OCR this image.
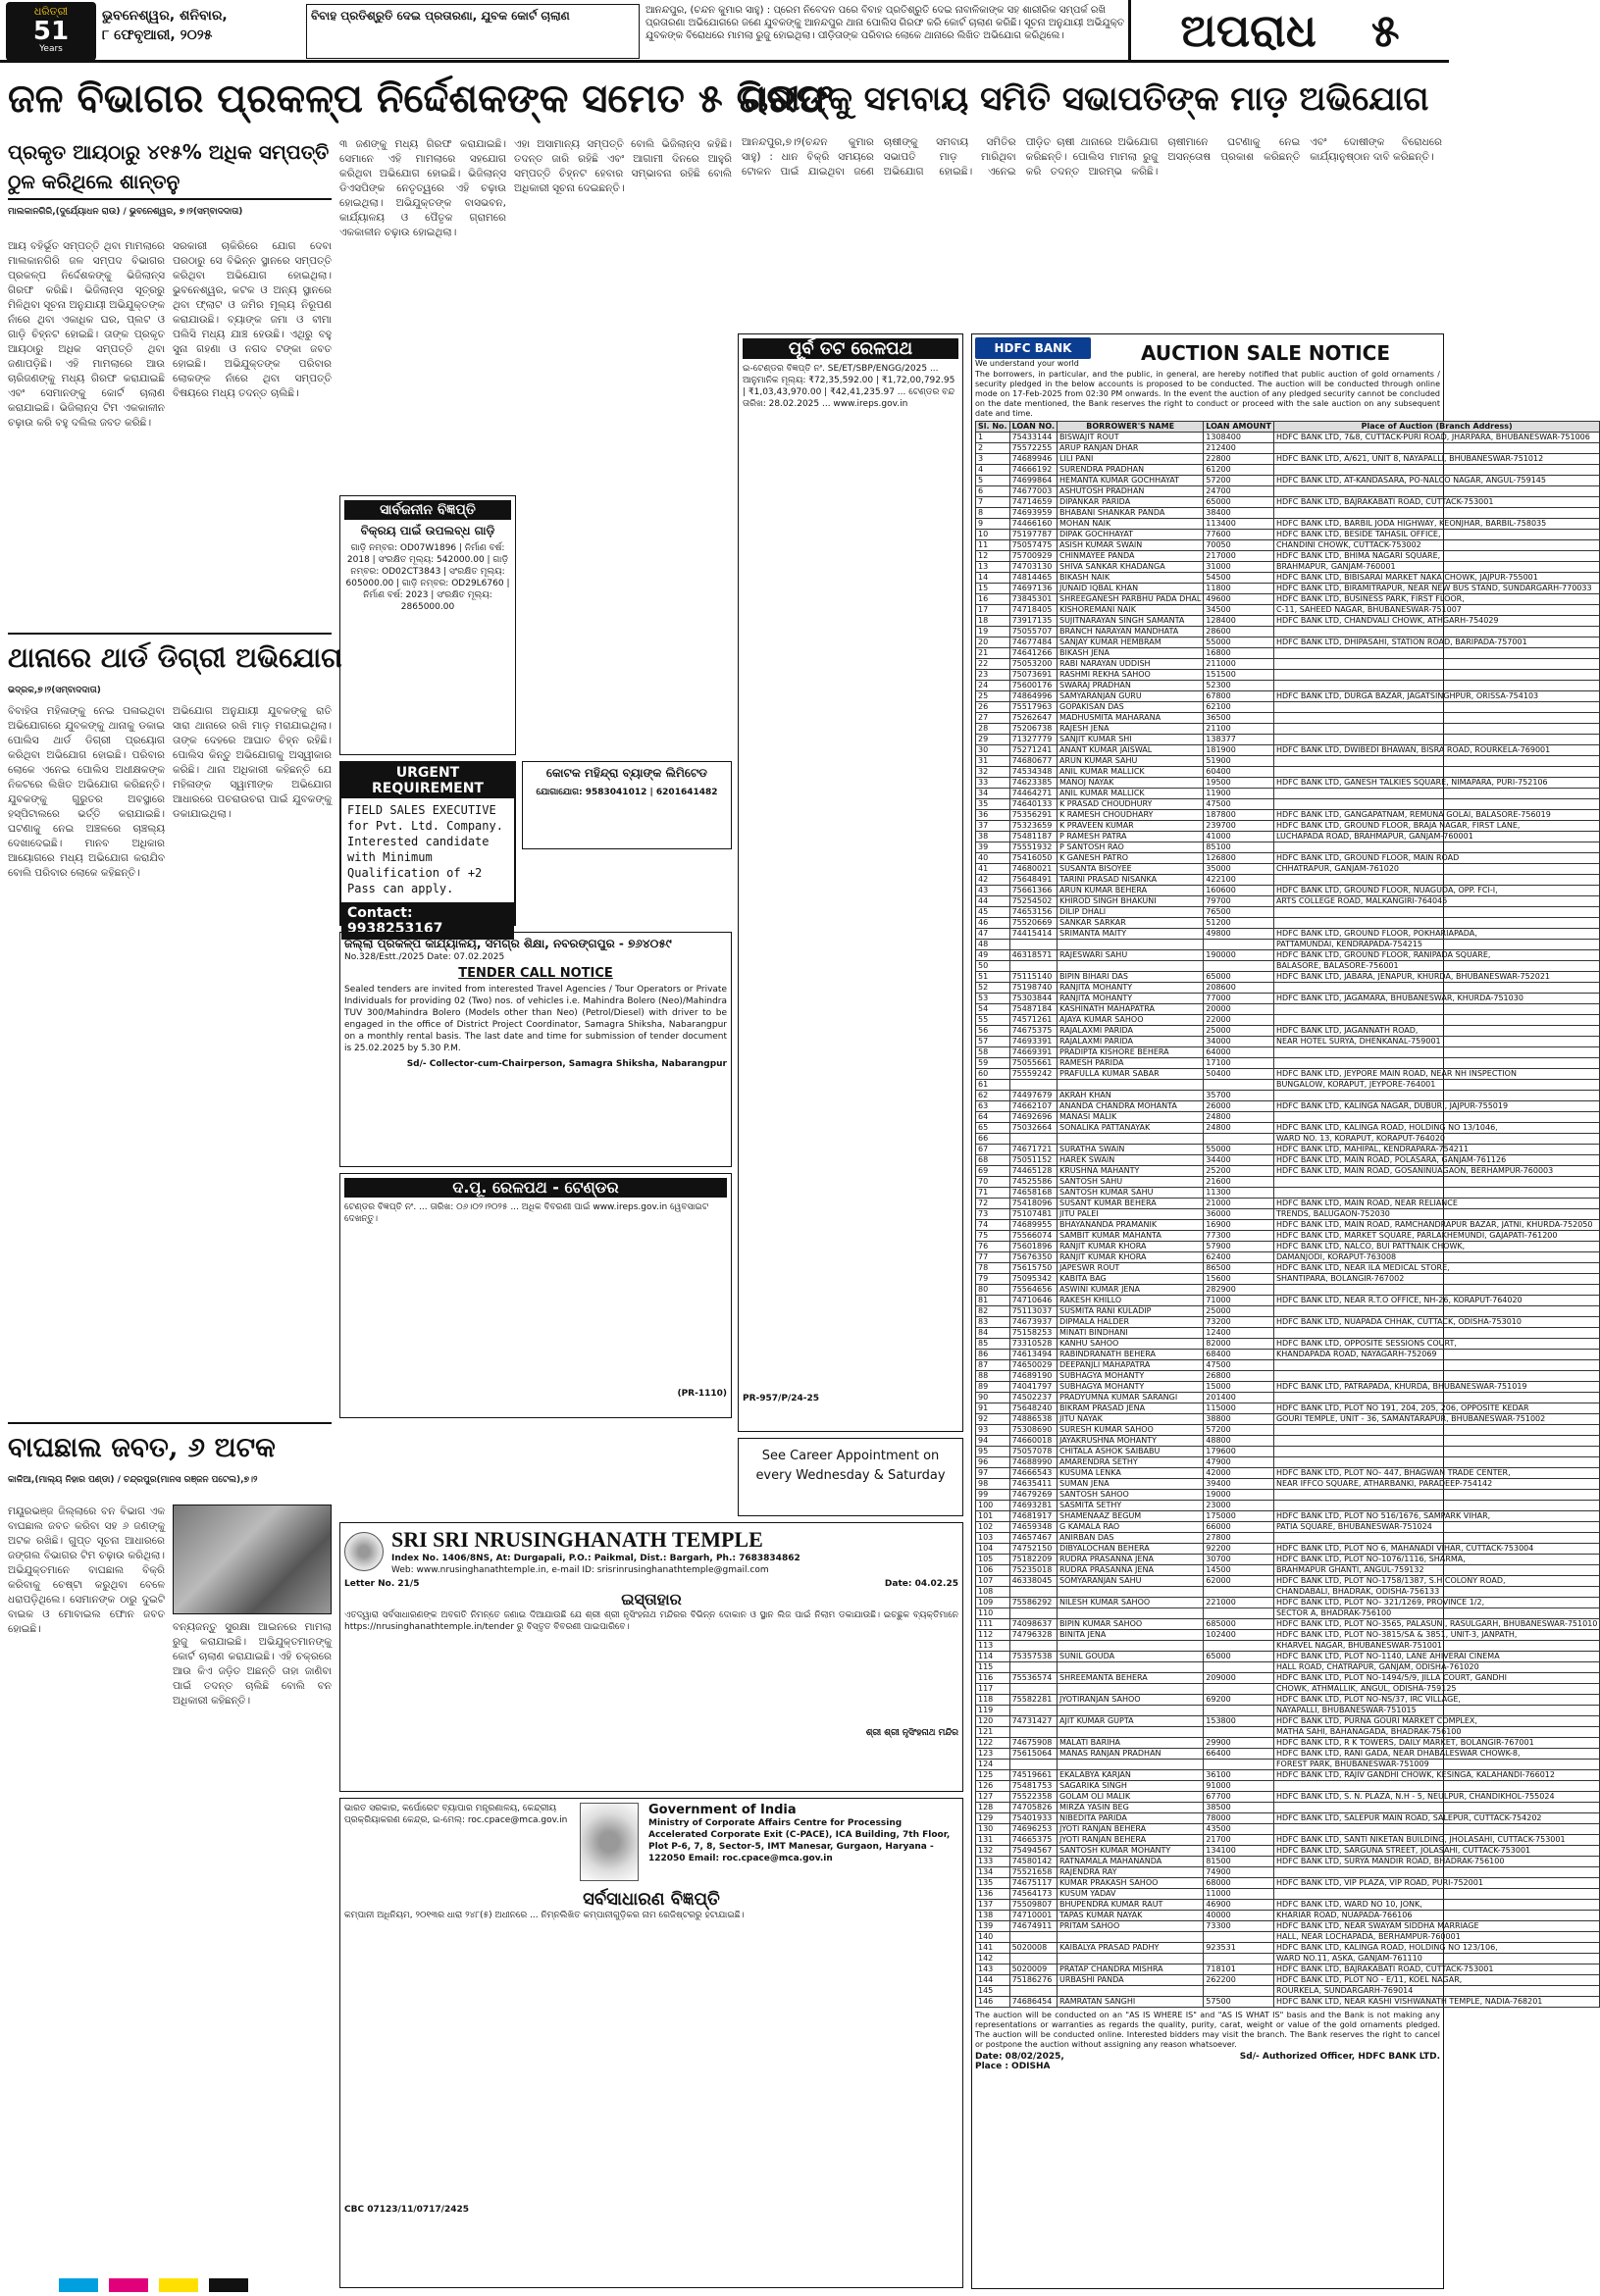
ଧରିତ୍ରୀ
51
Years
ଭୁବନେଶ୍ୱର, ଶନିବାର,
୮ ଫେବୃଆରୀ, ୨୦୨୫
ବିବାହ ପ୍ରତିଶ୍ରୁତି ଦେଇ ପ୍ରତାରଣା, ଯୁବକ କୋର୍ଟ ଚାଲାଣ	ଆନନ୍ଦପୁର, (ଚନ୍ଦନ କୁମାର ସାହୁ) : ପ୍ରେମ ନିବେଦନ ପରେ ବିବାହ ପ୍ରତିଶ୍ରୁତି ଦେଇ ନାବାଳିକାଙ୍କ ସହ ଶାରୀରିକ ସମ୍ପର୍କ ରଖି ପ୍ରତାରଣା ଅଭିଯୋଗରେ ଜଣେ ଯୁବକଙ୍କୁ ଆନନ୍ଦପୁର ଥାନା ପୋଲିସ ଗିରଫ କରି କୋର୍ଟ ଚାଲାଣ କରିଛି। ସୂଚନା ଅନୁଯାୟୀ ଅଭିଯୁକ୍ତ ଯୁବକଙ୍କ ବିରୋଧରେ ମାମଲା ରୁଜୁ ହୋଇଥିଲା। ପୀଡ଼ିତାଙ୍କ ପରିବାର ଲୋକେ ଥାନାରେ ଲିଖିତ ଅଭିଯୋଗ କରିଥିଲେ।	ଅପରାଧ ୫
ଜଳ ବିଭାଗର ପ୍ରକଳ୍ପ ନିର୍ଦ୍ଦେଶକଙ୍କ ସମେତ ୫ ଗିରଫ
ପ୍ରକୃତ ଆୟଠାରୁ ୪୧୫% ଅଧିକ ସମ୍ପତ୍ତି ଠୁଳ କରିଥିଲେ ଶାନ୍ତନୁ
ମାଲକାନଗିରି,(ଦୁର୍ଯ୍ୟୋଧନ ରାଉ) / ଭୁବନେଶ୍ୱର, ୭।୨(ସମ୍ବାଦଦାତା)
ଆୟ ବହିର୍ଭୂତ ସମ୍ପତ୍ତି ଥିବା ମାମଲାରେ ମାଲକାନଗିରି ଜଳ ସମ୍ପଦ ବିଭାଗର ପ୍ରକଳ୍ପ ନିର୍ଦ୍ଦେଶକଙ୍କୁ ଭିଜିଲାନ୍ସ ଗିରଫ କରିଛି। ଭିଜିଲାନ୍ସ ସୂତ୍ରରୁ ମିଳିଥିବା ସୂଚନା ଅନୁଯାୟୀ ଅଭିଯୁକ୍ତଙ୍କ ନାଁରେ ଥିବା ଏକାଧିକ ଘର, ପ୍ଲଟ ଓ ଗାଡ଼ି ଚିହ୍ନଟ ହୋଇଛି। ତାଙ୍କ ପ୍ରକୃତ ଆୟଠାରୁ ଅଧିକ ସମ୍ପତ୍ତି ଥିବା ଜଣାପଡ଼ିଛି। ଏହି ମାମଲାରେ ଆଉ ଚାରିଜଣଙ୍କୁ ମଧ୍ୟ ଗିରଫ କରାଯାଇଛି ଏବଂ ସେମାନଙ୍କୁ କୋର୍ଟ ଚାଲାଣ କରାଯାଇଛି। ଭିଜିଲାନ୍ସ ଟିମ ଏକକାଳୀନ ଚଢ଼ାଉ କରି ବହୁ ଦଲିଲ ଜବତ କରିଛି।
ସରକାରୀ ଚାକିରିରେ ଯୋଗ ଦେବା ପରଠାରୁ ସେ ବିଭିନ୍ନ ସ୍ଥାନରେ ସମ୍ପତ୍ତି କରିଥିବା ଅଭିଯୋଗ ହୋଇଥିଲା। ଭୁବନେଶ୍ୱର, କଟକ ଓ ଅନ୍ୟ ସ୍ଥାନରେ ଥିବା ଫ୍ଲାଟ ଓ ଜମିର ମୂଲ୍ୟ ନିରୂପଣ କରାଯାଉଛି। ବ୍ୟାଙ୍କ ଜମା ଓ ବୀମା ପଲିସି ମଧ୍ୟ ଯାଞ୍ଚ ହେଉଛି। ଏଥିରୁ ବହୁ ସୁନା ଗହଣା ଓ ନଗଦ ଟଙ୍କା ଜବତ ହୋଇଛି। ଅଭିଯୁକ୍ତଙ୍କ ପରିବାର ଲୋକଙ୍କ ନାଁରେ ଥିବା ସମ୍ପତ୍ତି ବିଷୟରେ ମଧ୍ୟ ତଦନ୍ତ ଚାଲିଛି।
୩ ଜଣଙ୍କୁ ମଧ୍ୟ ଗିରଫ କରାଯାଇଛି। ସେମାନେ ଏହି ମାମଲାରେ ସହଯୋଗ କରିଥିବା ଅଭିଯୋଗ ହୋଇଛି। ଭିଜିଲାନ୍ସ ଡିଏସପିଙ୍କ ନେତୃତ୍ୱରେ ଏହି ଚଢ଼ାଉ ହୋଇଥିଲା। ଅଭିଯୁକ୍ତଙ୍କ ବାସଭବନ, କାର୍ଯ୍ୟାଳୟ ଓ ପୈତୃକ ଗ୍ରାମରେ ଏକକାଳୀନ ଚଢ଼ାଉ ହୋଇଥିଲା।
ଏହା ଅସାମାନ୍ୟ ସମ୍ପତ୍ତି ବୋଲି ଭିଜିଲାନ୍ସ କହିଛି। ତଦନ୍ତ ଜାରି ରହିଛି ଏବଂ ଆଗାମୀ ଦିନରେ ଆହୁରି ସମ୍ପତ୍ତି ଚିହ୍ନଟ ହେବାର ସମ୍ଭାବନା ରହିଛି ବୋଲି ଅଧିକାରୀ ସୂଚନା ଦେଇଛନ୍ତି।
ଚାଷୀଙ୍କୁ ସମବାୟ ସମିତି ସଭାପତିଙ୍କ ମାଡ଼ ଅଭିଯୋଗ
ଆନନ୍ଦପୁର,୭।୨(ଚନ୍ଦନ କୁମାର ସାହୁ) : ଧାନ ବିକ୍ରି ସମୟରେ ଟୋକନ ପାଇଁ ଯାଇଥିବା ଜଣେ ଚାଷୀଙ୍କୁ ସମବାୟ ସମିତିର ସଭାପତି ମାଡ଼ ମାରିଥିବା ଅଭିଯୋଗ ହୋଇଛି। ଏନେଇ ପୀଡ଼ିତ ଚାଷୀ ଥାନାରେ ଅଭିଯୋଗ କରିଛନ୍ତି। ପୋଲିସ ମାମଲା ରୁଜୁ କରି ତଦନ୍ତ ଆରମ୍ଭ କରିଛି। ଚାଷୀମାନେ ଘଟଣାକୁ ନେଇ ଅସନ୍ତୋଷ ପ୍ରକାଶ କରିଛନ୍ତି ଏବଂ ଦୋଷୀଙ୍କ ବିରୋଧରେ କାର୍ଯ୍ୟାନୁଷ୍ଠାନ ଦାବି କରିଛନ୍ତି।
ସାର୍ବଜନୀନ ବିଜ୍ଞପ୍ତି
ବିକ୍ରୟ ପାଇଁ ଉପଲବ୍ଧ ଗାଡ଼ି
ଗାଡ଼ି ନମ୍ବର: OD07W1896 | ନିର୍ମାଣ ବର୍ଷ: 2018 | ସଂରକ୍ଷିତ ମୂଲ୍ୟ: 542000.00 | ଗାଡ଼ି ନମ୍ବର: OD02CT3843 | ସଂରକ୍ଷିତ ମୂଲ୍ୟ: 605000.00 | ଗାଡ଼ି ନମ୍ବର: OD29L6760 | ନିର୍ମାଣ ବର୍ଷ: 2023 | ସଂରକ୍ଷିତ ମୂଲ୍ୟ: 2865000.00
URGENT REQUIREMENT
FIELD SALES EXECUTIVE for Pvt. Ltd. Company. Interested candidate with Minimum Qualification of +2 Pass can apply.
Contact: 9938253167
କୋଟକ ମହିନ୍ଦ୍ରା ବ୍ୟାଙ୍କ ଲିମିଟେଡ
ଯୋଗାଯୋଗ: 9583041012 | 6201641482
ଜିଲ୍ଲା ପ୍ରକଳ୍ପ କାର୍ଯ୍ୟାଳୟ, ସମଗ୍ର ଶିକ୍ଷା, ନବରଙ୍ଗପୁର - ୭୬୪୦୫୯
No.328/Estt./2025 Date: 07.02.2025
TENDER CALL NOTICE
Sealed tenders are invited from interested Travel Agencies / Tour Operators or Private Individuals for providing 02 (Two) nos. of vehicles i.e. Mahindra Bolero (Neo)/Mahindra TUV 300/Mahindra Bolero (Models other than Neo) (Petrol/Diesel) with driver to be engaged in the office of District Project Coordinator, Samagra Shiksha, Nabarangpur on a monthly rental basis. The last date and time for submission of tender document is 25.02.2025 by 5.30 P.M.
Sd/- Collector-cum-Chairperson, Samagra Shiksha, Nabarangpur
ଦ.ପୂ. ରେଳପଥ - ଟେଣ୍ଡର
ଟେଣ୍ଡର ବିଜ୍ଞପ୍ତି ନଂ. ... ତାରିଖ: ୦୬।୦୨।୨୦୨୫ ... ଅଧିକ ବିବରଣୀ ପାଇଁ www.ireps.gov.in ୱେବସାଇଟ ଦେଖନ୍ତୁ।
(PR-1110)
ପୂର୍ବ ତଟ ରେଳପଥ
ଇ-ଟେଣ୍ଡର ବିଜ୍ଞପ୍ତି ନଂ. SE/ET/SBP/ENGG/2025 ... ଆନୁମାନିକ ମୂଲ୍ୟ: ₹72,35,592.00 | ₹1,72,00,792.95 | ₹1,03,43,970.00 | ₹42,41,235.97 ... ଟେଣ୍ଡର ବନ୍ଦ ତାରିଖ: 28.02.2025 ... www.ireps.gov.in
PR-957/P/24-25
See Career Appointment on every Wednesday & Saturday
ଥାନାରେ ଥାର୍ଡ ଡିଗ୍ରୀ ଅଭିଯୋଗ
ଭଦ୍ରକ,୭।୨(ସମ୍ବାଦଦାତା)
ବିବାହିତା ମହିଳାଙ୍କୁ ନେଇ ପଳାଇଥିବା ଅଭିଯୋଗରେ ଯୁବକଙ୍କୁ ଥାନାକୁ ଡକାଇ ପୋଲିସ ଥାର୍ଡ ଡିଗ୍ରୀ ପ୍ରୟୋଗ କରିଥିବା ଅଭିଯୋଗ ହୋଇଛି। ପରିବାର ଲୋକେ ଏନେଇ ପୋଲିସ ଅଧୀକ୍ଷକଙ୍କ ନିକଟରେ ଲିଖିତ ଅଭିଯୋଗ କରିଛନ୍ତି। ଯୁବକଙ୍କୁ ଗୁରୁତର ଅବସ୍ଥାରେ ହସ୍ପିଟାଲରେ ଭର୍ତ୍ତି କରାଯାଇଛି। ଘଟଣାକୁ ନେଇ ଅଞ୍ଚଳରେ ଚାଞ୍ଚଲ୍ୟ ଦେଖାଦେଇଛି। ମାନବ ଅଧିକାର ଆୟୋଗରେ ମଧ୍ୟ ଅଭିଯୋଗ କରାଯିବ ବୋଲି ପରିବାର ଲୋକେ କହିଛନ୍ତି।
ଅଭିଯୋଗ ଅନୁଯାୟୀ ଯୁବକଙ୍କୁ ରାତି ସାରା ଥାନାରେ ରଖି ମାଡ଼ ମରାଯାଇଥିଲା। ତାଙ୍କ ଦେହରେ ଆଘାତ ଚିହ୍ନ ରହିଛି। ପୋଲିସ କିନ୍ତୁ ଅଭିଯୋଗକୁ ଅସ୍ୱୀକାର କରିଛି। ଥାନା ଅଧିକାରୀ କହିଛନ୍ତି ଯେ ମହିଳାଙ୍କ ସ୍ୱାମୀଙ୍କ ଅଭିଯୋଗ ଆଧାରରେ ପଚରାଉଚରା ପାଇଁ ଯୁବକଙ୍କୁ ଡକାଯାଇଥିଲା।
SRI SRI NRUSINGHANATH TEMPLE
Index No. 1406/8NS, At: Durgapali, P.O.: Paikmal, Dist.: Bargarh, Ph.: 7683834862
Web: www.nrusinghanathtemple.in, e-mail ID: srisrinrusinghanathtemple@gmail.com
Letter No. 21/5	Date: 04.02.25
ଇସ୍ତାହାର
ଏତଦ୍ୱାରା ସର୍ବସାଧାରଣଙ୍କ ଅବଗତି ନିମନ୍ତେ ଜଣାଇ ଦିଆଯାଉଛି ଯେ ଶ୍ରୀ ଶ୍ରୀ ନୃସିଂହନାଥ ମନ୍ଦିରର ବିଭିନ୍ନ ଦୋକାନ ଓ ସ୍ଥାନ ଲିଜ ପାଇଁ ନିଲାମ ଡକାଯାଉଛି। ଇଚ୍ଛୁକ ବ୍ୟକ୍ତିମାନେ https://nrusinghanathtemple.in/tender ରୁ ବିସ୍ତୃତ ବିବରଣୀ ପାଇପାରିବେ।
ଶ୍ରୀ ଶ୍ରୀ ନୃସିଂହନାଥ ମନ୍ଦିର
ବାଘଛାଲ ଜବତ, ୬ ଅଟକ
କାଳିଆ,(ମାଲ୍ୟ ନିହାର ପଣ୍ଡା) / ଚନ୍ଦ୍ରପୁର(ମାନସ ରଞ୍ଜନ ପଟେଲ),୭।୨
ମୟୂରଭଞ୍ଜ ଜିଲ୍ଲାରେ ବନ ବିଭାଗ ଏକ ବାଘଛାଲ ଜବତ କରିବା ସହ ୬ ଜଣଙ୍କୁ ଅଟକ ରଖିଛି। ଗୁପ୍ତ ସୂଚନା ଆଧାରରେ ଜଙ୍ଗଲ ବିଭାଗର ଟିମ ଚଢ଼ାଉ କରିଥିଲା। ଅଭିଯୁକ୍ତମାନେ ବାଘଛାଲ ବିକ୍ରି କରିବାକୁ ଚେଷ୍ଟା କରୁଥିବା ବେଳେ ଧରାପଡ଼ିଥିଲେ। ସେମାନଙ୍କ ଠାରୁ ଦୁଇଟି ବାଇକ ଓ ମୋବାଇଲ ଫୋନ ଜବତ ହୋଇଛି।	ବନ୍ୟଜନ୍ତୁ ସୁରକ୍ଷା ଆଇନରେ ମାମଲା ରୁଜୁ କରାଯାଇଛି। ଅଭିଯୁକ୍ତମାନଙ୍କୁ କୋର୍ଟ ଚାଲାଣ କରାଯାଇଛି। ଏହି ଚକ୍ରରେ ଆଉ କିଏ ଜଡ଼ିତ ଅଛନ୍ତି ତାହା ଜାଣିବା ପାଇଁ ତଦନ୍ତ ଚାଲିଛି ବୋଲି ବନ ଅଧିକାରୀ କହିଛନ୍ତି।
ଭାରତ ସରକାର, କର୍ପୋରେଟ ବ୍ୟାପାର ମନ୍ତ୍ରଣାଳୟ, କେନ୍ଦ୍ରୀୟ ପ୍ରକ୍ରିୟାକରଣ କେନ୍ଦ୍ର, ଇ-ମେଲ୍: roc.cpace@mca.gov.in
Government of India
Ministry of Corporate Affairs Centre for Processing Accelerated Corporate Exit (C-PACE), ICA Building, 7th Floor, Plot P-6, 7, 8, Sector-5, IMT Manesar, Gurgaon, Haryana - 122050 Email: roc.cpace@mca.gov.in
ସର୍ବସାଧାରଣ ବିଜ୍ଞପ୍ତି
କମ୍ପାନୀ ଅଧିନିୟମ, ୨୦୧୩ର ଧାରା ୨୪୮(୫) ଅଧୀନରେ ... ନିମ୍ନଲିଖିତ କମ୍ପାନୀଗୁଡ଼ିକର ନାମ ରେଜିଷ୍ଟରରୁ ହଟାଯାଇଛି।
CBC 07123/11/0717/2425
HDFC BANK
We understand your world	AUCTION SALE NOTICE
The borrowers, in particular, and the public, in general, are hereby notified that public auction of gold ornaments / security pledged in the below accounts is proposed to be conducted. The auction will be conducted through online mode on 17-Feb-2025 from 02:30 PM onwards. In the event the auction of any pledged security cannot be concluded on the date mentioned, the Bank reserves the right to conduct or proceed with the sale auction on any subsequent date and time.
Sl. No.	LOAN NO.	BORROWER'S NAME	LOAN AMOUNT	Place of Auction (Branch Address)
1	75433144	BISWAJIT ROUT	1308400	HDFC BANK LTD, 7&8, CUTTACK-PURI ROAD, JHARPARA, BHUBANESWAR-751006
2	75572255	ARUP RANJAN DHAR	212400	
3	74689946	LILI PANI	22800	HDFC BANK LTD, A/621, UNIT 8, NAYAPALLI, BHUBANESWAR-751012
4	74666192	SURENDRA PRADHAN	61200	
5	74699864	HEMANTA KUMAR GOCHHAYAT	57200	HDFC BANK LTD, AT-KANDASARA, PO-NALCO NAGAR, ANGUL-759145
6	74677003	ASHUTOSH PRADHAN	24700	
7	74714659	DIPANKAR PARIDA	65000	HDFC BANK LTD, BAJRAKABATI ROAD, CUTTACK-753001
8	74693959	BHABANI SHANKAR PANDA	38400	
9	74466160	MOHAN NAIK	113400	HDFC BANK LTD, BARBIL JODA HIGHWAY, KEONJHAR, BARBIL-758035
10	75197787	DIPAK GOCHHAYAT	77600	HDFC BANK LTD, BESIDE TAHASIL OFFICE,
11	75057475	ASISH KUMAR SWAIN	70050	CHANDINI CHOWK, CUTTACK-753002
12	75700929	CHINMAYEE PANDA	217000	HDFC BANK LTD, BHIMA NAGARI SQUARE,
13	74703130	SHIVA SANKAR KHADANGA	31000	BRAHMAPUR, GANJAM-760001
14	74814465	BIKASH NAIK	54500	HDFC BANK LTD, BIBISARAI MARKET NAKA CHOWK, JAJPUR-755001
15	74697136	JUNAID IQBAL KHAN	11800	HDFC BANK LTD, BIRAMITRAPUR, NEAR NEW BUS STAND, SUNDARGARH-770033
16	73845301	SHREEGANESH PARBHU PADA DHAL	49600	HDFC BANK LTD, BUSINESS PARK, FIRST FLOOR,
17	74718405	KISHOREMANI NAIK	34500	C-11, SAHEED NAGAR, BHUBANESWAR-751007
18	73917135	SUJITNARAYAN SINGH SAMANTA	128400	HDFC BANK LTD, CHANDVALI CHOWK, ATHGARH-754029
19	75055707	BRANCH NARAYAN MANDHATA	28600	
20	74677484	SANJAY KUMAR HEMBRAM	55000	HDFC BANK LTD, DHIPASAHI, STATION ROAD, BARIPADA-757001
21	74641266	BIKASH JENA	16800	
22	75053200	RABI NARAYAN UDDISH	211000	
23	75073691	RASHMI REKHA SAHOO	151500	
24	75600176	SWARAJ PRADHAN	52300	
25	74864996	SAMYARANJAN GURU	67800	HDFC BANK LTD, DURGA BAZAR, JAGATSINGHPUR, ORISSA-754103
26	75517963	GOPAKISAN DAS	62100	
27	75262647	MADHUSMITA MAHARANA	36500	
28	75206738	RAJESH JENA	21100	
29	71327779	SANJIT KUMAR SHI	138377	
30	75271241	ANANT KUMAR JAISWAL	181900	HDFC BANK LTD, DWIBEDI BHAWAN, BISRA ROAD, ROURKELA-769001
31	74680677	ARUN KUMAR SAHU	51900	
32	74534348	ANIL KUMAR MALLICK	60400	
33	74623385	MANOJ NAYAK	19500	HDFC BANK LTD, GANESH TALKIES SQUARE, NIMAPARA, PURI-752106
34	74464271	ANIL KUMAR MALLICK	11900	
35	74640133	K PRASAD CHOUDHURY	47500	
36	75356291	K RAMESH CHOUDHARY	187800	HDFC BANK LTD, GANGAPATNAM, REMUNA GOLAI, BALASORE-756019
37	75323659	K PRAVEEN KUMAR	239700	HDFC BANK LTD, GROUND FLOOR, BRAJA NAGAR, FIRST LANE,
38	75481187	P RAMESH PATRA	41000	LUCHAPADA ROAD, BRAHMAPUR, GANJAM-760001
39	75551932	P SANTOSH RAO	85100	
40	75416050	K GANESH PATRO	126800	HDFC BANK LTD, GROUND FLOOR, MAIN ROAD
41	74680021	SUSANTA BISOYEE	35000	CHHATRAPUR, GANJAM-761020
42	75648491	TARINI PRASAD NISANKA	422100	
43	75661366	ARUN KUMAR BEHERA	160600	HDFC BANK LTD, GROUND FLOOR, NUAGUDA, OPP. FCI-I,
44	75254502	KHIROD SINGH BHAKUNI	79700	ARTS COLLEGE ROAD, MALKANGIRI-764045
45	74653156	DILIP DHALI	76500	
46	75520669	SANKAR SARKAR	51200	
47	74415414	SRIMANTA MAITY	49800	HDFC BANK LTD, GROUND FLOOR, POKHARIAPADA,
48				PATTAMUNDAI, KENDRAPADA-754215
49	46318571	RAJESWARI SAHU	190000	HDFC BANK LTD, GROUND FLOOR, RANIPADA SQUARE,
50				BALASORE, BALASORE-756001
51	75115140	BIPIN BIHARI DAS	65000	HDFC BANK LTD, JABARA, JENAPUR, KHURDA, BHUBANESWAR-752021
52	75198740	RANJITA MOHANTY	208600	
53	75303844	RANJITA MOHANTY	77000	HDFC BANK LTD, JAGAMARA, BHUBANESWAR, KHURDA-751030
54	75487184	KASHINATH MAHAPATRA	20000	
55	74571261	AJAYA KUMAR SAHOO	22000	
56	74675375	RAJALAXMI PARIDA	25000	HDFC BANK LTD, JAGANNATH ROAD,
57	74693391	RAJALAXMI PARIDA	34000	NEAR HOTEL SURYA, DHENKANAL-759001
58	74669391	PRADIPTA KISHORE BEHERA	64000	
59	75055661	RAMESH PARIDA	17100	
60	75559242	PRAFULLA KUMAR SABAR	50400	HDFC BANK LTD, JEYPORE MAIN ROAD, NEAR NH INSPECTION
61				BUNGALOW, KORAPUT, JEYPORE-764001
62	74497679	AKRAH KHAN	35700	
63	74662107	ANANDA CHANDRA MOHANTA	26000	HDFC BANK LTD, KALINGA NAGAR, DUBURI, JAJPUR-755019
64	74692696	MANASI MALIK	24800	
65	75032664	SONALIKA PATTANAYAK	24800	HDFC BANK LTD, KALINGA ROAD, HOLDING NO 13/1046,
66				WARD NO. 13, KORAPUT, KORAPUT-764020
67	74671721	SURATHA SWAIN	55000	HDFC BANK LTD, MAHIPAL, KENDRAPARA-754211
68	75051152	HAREK SWAIN	34400	HDFC BANK LTD, MAIN ROAD, POLASARA, GANJAM-761126
69	74465128	KRUSHNA MAHANTY	25200	HDFC BANK LTD, MAIN ROAD, GOSANINUAGAON, BERHAMPUR-760003
70	74525586	SANTOSH SAHU	21600	
71	74658168	SANTOSH KUMAR SAHU	11300	
72	75418096	SUSANT KUMAR BEHERA	21000	HDFC BANK LTD, MAIN ROAD, NEAR RELIANCE
73	75107481	JITU PALEI	36000	TRENDS, BALUGAON-752030
74	74689955	BHAYANANDA PRAMANIK	16900	HDFC BANK LTD, MAIN ROAD, RAMCHANDRAPUR BAZAR, JATNI, KHURDA-752050
75	75566074	SAMBIT KUMAR MAHANTA	77300	HDFC BANK LTD, MARKET SQUARE, PARLAKHEMUNDI, GAJAPATI-761200
76	75601896	RANJIT KUMAR KHORA	57900	HDFC BANK LTD, NALCO, BUI PATTNAIK CHOWK,
77	75676350	RANJIT KUMAR KHORA	62400	DAMANJODI, KORAPUT-763008
78	75615750	JAPESWR ROUT	86500	HDFC BANK LTD, NEAR ILA MEDICAL STORE,
79	75095342	KABITA BAG	15600	SHANTIPARA, BOLANGIR-767002
80	75564656	ASWINI KUMAR JENA	282900	
81	74710646	RAKESH KHILLO	71000	HDFC BANK LTD, NEAR R.T.O OFFICE, NH-26, KORAPUT-764020
82	75113037	SUSMITA RANI KULADIP	25000	
83	74673937	DIPMALA HALDER	73200	HDFC BANK LTD, NUAPADA CHHAK, CUTTACK, ODISHA-753010
84	75158253	MINATI BINDHANI	12400	
85	73310528	KANHU SAHOO	82000	HDFC BANK LTD, OPPOSITE SESSIONS COURT,
86	74613494	RABINDRANATH BEHERA	68400	KHANDAPADA ROAD, NAYAGARH-752069
87	74650029	DEEPANJLI MAHAPATRA	47500	
88	74689190	SUBHAGYA MOHANTY	26800	
89	74041797	SUBHAGYA MOHANTY	15000	HDFC BANK LTD, PATRAPADA, KHURDA, BHUBANESWAR-751019
90	74502237	PRADYUMNA KUMAR SARANGI	201400	
91	75648240	BIKRAM PRASAD JENA	115000	HDFC BANK LTD, PLOT NO 191, 204, 205, 206, OPPOSITE KEDAR
92	74886538	JITU NAYAK	38800	GOURI TEMPLE, UNIT - 36, SAMANTARAPUR, BHUBANESWAR-751002
93	75308690	SURESH KUMAR SAHOO	57200	
94	74660018	JAYAKRUSHNA MOHANTY	48800	
95	75057078	CHITALA ASHOK SAIBABU	179600	
96	74688990	AMARENDRA SETHY	47900	
97	74666543	KUSUMA LENKA	42000	HDFC BANK LTD, PLOT NO- 447, BHAGWAN TRADE CENTER,
98	74635411	SUMAN JENA	39400	NEAR IFFCO SQUARE, ATHARBANKI, PARADEEP-754142
99	74679269	SANTOSH SAHOO	19000	
100	74693281	SASMITA SETHY	23000	
101	74681917	SHAMENAAZ BEGUM	175000	HDFC BANK LTD, PLOT NO 516/1676, SAMPARK VIHAR,
102	74659348	G KAMALA RAO	66000	PATIA SQUARE, BHUBANESWAR-751024
103	74657467	ANIRBAN DAS	27800	
104	74752150	DIBYALOCHAN BEHERA	92200	HDFC BANK LTD, PLOT NO 6, MAHANADI VIHAR, CUTTACK-753004
105	75182209	RUDRA PRASANNA JENA	30700	HDFC BANK LTD, PLOT NO-1076/1116, SHARMA,
106	75235018	RUDRA PRASANNA JENA	14500	BRAHMAPUR GHANTI, ANGUL-759132
107	46338045	SOMYARANJAN SAHU	62000	HDFC BANK LTD, PLOT NO-1758/1387, S.H COLONY ROAD,
108				CHANDABALI, BHADRAK, ODISHA-756133
109	75586292	NILESH KUMAR SAHOO	221000	HDFC BANK LTD, PLOT NO- 321/1269, PROVINCE 1/2,
110				SECTOR A, BHADRAK-756100
111	74098637	BIPIN KUMAR SAHOO	685000	HDFC BANK LTD, PLOT NO-3565, PALASUNI, RASULGARH, BHUBANESWAR-751010
112	74796328	BINITA JENA	102400	HDFC BANK LTD, PLOT NO-3815/SA & 3851, UNIT-3, JANPATH,
113				KHARVEL NAGAR, BHUBANESWAR-751001
114	75357538	SUNIL GOUDA	65000	HDFC BANK LTD, PLOT NO-1140, LANE AHIVERAI CINEMA
115				HALL ROAD, CHATRAPUR, GANJAM, ODISHA-761020
116	75536574	SHREEMANTA BEHERA	209000	HDFC BANK LTD, PLOT NO-1494/5/9, JILLA COURT, GANDHI
117				CHOWK, ATHMALLIK, ANGUL, ODISHA-759125
118	75582281	JYOTIRANJAN SAHOO	69200	HDFC BANK LTD, PLOT NO-NS/37, IRC VILLAGE,
119				NAYAPALLI, BHUBANESWAR-751015
120	74731427	AJIT KUMAR GUPTA	153800	HDFC BANK LTD, PURNA GOURI MARKET COMPLEX,
121				MATHA SAHI, BAHANAGADA, BHADRAK-756100
122	74675908	MALATI BARIHA	29900	HDFC BANK LTD, R K TOWERS, DAILY MARKET, BOLANGIR-767001
123	75615064	MANAS RANJAN PRADHAN	66400	HDFC BANK LTD, RANI GADA, NEAR DHABALESWAR CHOWK-8,
124				FOREST PARK, BHUBANESWAR-751009
125	74519661	EKALABYA KARJAN	36100	HDFC BANK LTD, RAJIV GANDHI CHOWK, KESINGA, KALAHANDI-766012
126	75481753	SAGARIKA SINGH	91000	
127	75522358	GOLAM OLI MALIK	67700	HDFC BANK LTD, S. N. PLAZA, N.H - 5, NEULPUR, CHANDIKHOL-755024
128	74705826	MIRZA YASIN BEG	38500	
129	75401933	NIBEDITA PARIDA	78000	HDFC BANK LTD, SALEPUR MAIN ROAD, SALEPUR, CUTTACK-754202
130	74696253	JYOTI RANJAN BEHERA	43500	
131	74665375	JYOTI RANJAN BEHERA	21700	HDFC BANK LTD, SANTI NIKETAN BUILDING, JHOLASAHI, CUTTACK-753001
132	75494567	SANTOSH KUMAR MOHANTY	134100	HDFC BANK LTD, SARGUNA STREET, JOLASAHI, CUTTACK-753001
133	74580142	RATNAMALA MAHANANDA	81500	HDFC BANK LTD, SURYA MANDIR ROAD, BHADRAK-756100
134	75521658	RAJENDRA RAY	74900	
135	74675117	KUMAR PRAKASH SAHOO	68000	HDFC BANK LTD, VIP PLAZA, VIP ROAD, PURI-752001
136	74564173	KUSUM YADAV	11000	
137	75509807	BHUPENDRA KUMAR RAUT	46900	HDFC BANK LTD, WARD NO 10, JONK,
138	74710001	TAPAS KUMAR NAYAK	40000	KHARIAR ROAD, NUAPADA-766106
139	74674911	PRITAM SAHOO	73300	HDFC BANK LTD, NEAR SWAYAM SIDDHA MARRIAGE
140				HALL, NEAR LOCHAPADA, BERHAMPUR-760001
141	5020008	KAIBALYA PRASAD PADHY	923531	HDFC BANK LTD, KALINGA ROAD, HOLDING NO 123/106,
142				WARD NO.11, ASKA, GANJAM-761110
143	5020009	PRATAP CHANDRA MISHRA	718101	HDFC BANK LTD, BAJRAKABATI ROAD, CUTTACK-753001
144	75186276	URBASHI PANDA	262200	HDFC BANK LTD, PLOT NO - E/11, KOEL NAGAR,
145				ROURKELA, SUNDARGARH-769014
146	74686454	RAMRATAN SANGHI	57500	HDFC BANK LTD, NEAR KASHI VISHWANATH TEMPLE, NADIA-768201
The auction will be conducted on an "AS IS WHERE IS" and "AS IS WHAT IS" basis and the Bank is not making any representations or warranties as regards the quality, purity, carat, weight or value of the gold ornaments pledged. The auction will be conducted online. Interested bidders may visit the branch. The Bank reserves the right to cancel or postpone the auction without assigning any reason whatsoever.
Date: 08/02/2025,
Place : ODISHA
Sd/- Authorized Officer, HDFC BANK LTD.
